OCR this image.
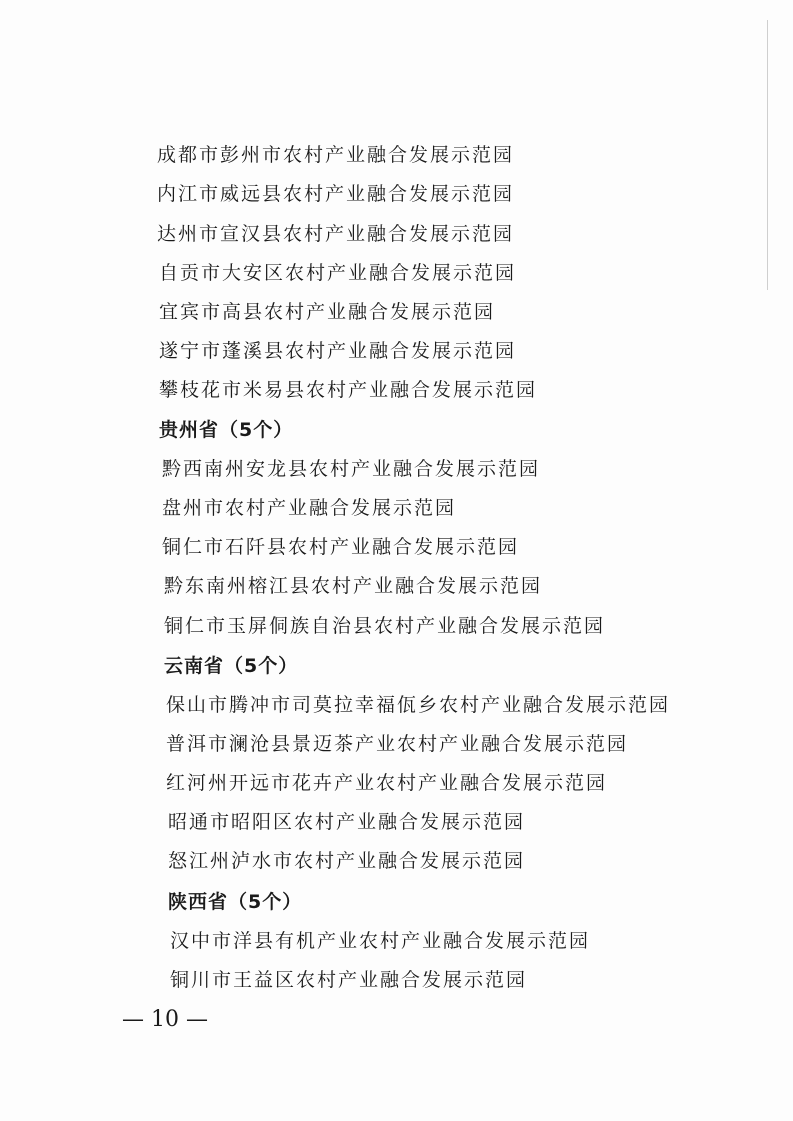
成都市彭州市农村产业融合发展示范园
内江市威远县农村产业融合发展示范园
达州市宣汉县农村产业融合发展示范园
自贡市大安区农村产业融合发展示范园
宜宾市高县农村产业融合发展示范园
遂宁市蓬溪县农村产业融合发展示范园
攀枝花市米易县农村产业融合发展示范园
贵州省（5个）
黔西南州安龙县农村产业融合发展示范园
盘州市农村产业融合发展示范园
铜仁市石阡县农村产业融合发展示范园
黔东南州榕江县农村产业融合发展示范园
铜仁市玉屏侗族自治县农村产业融合发展示范园
云南省（5个）
保山市腾冲市司莫拉幸福佤乡农村产业融合发展示范园
普洱市澜沧县景迈茶产业农村产业融合发展示范园
红河州开远市花卉产业农村产业融合发展示范园
昭通市昭阳区农村产业融合发展示范园
怒江州泸水市农村产业融合发展示范园
陕西省（5个）
汉中市洋县有机产业农村产业融合发展示范园
铜川市王益区农村产业融合发展示范园
— 10 —
